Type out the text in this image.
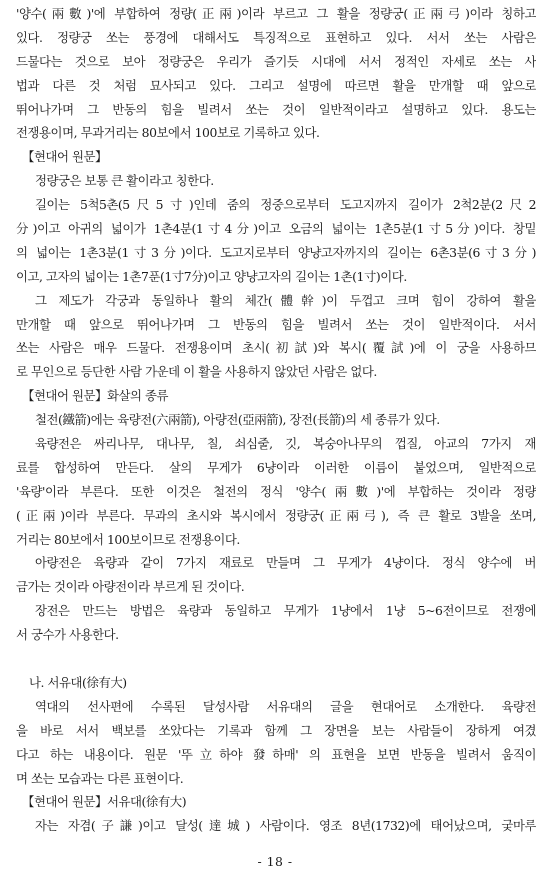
'양수(兩數)'에 부합하여 정량(正兩)이라 부르고 그 활을 정량궁(正兩弓)이라 칭하고
있다. 정량궁 쏘는 풍경에 대해서도 특징적으로 표현하고 있다. 서서 쏘는 사람은
드물다는 것으로 보아 정량궁은 우리가 즐기듯 시대에 서서 정적인 자세로 쏘는 사
법과 다른 것 처럼 묘사되고 있다. 그리고 설명에 따르면 활을 만개할 때 앞으로
뛰어나가며 그 반동의 힘을 빌려서 쏘는 것이 일반적이라고 설명하고 있다. 용도는
전쟁용이며, 무과거리는 80보에서 100보로 기록하고 있다.
【현대어 원문】
정량궁은 보통 큰 활이라고 칭한다.
길이는 5척5촌(5尺5寸)인데 줌의 정중으로부터 도고지까지 길이가 2척2분(2尺2
分)이고 아귀의 넓이가 1촌4분(1寸4分)이고 오금의 넓이는 1촌5분(1寸5分)이다. 창밑
의 넓이는 1촌3분(1寸3分)이다. 도고지로부터 양냥고자까지의 길이는 6촌3분(6寸3分)
이고, 고자의 넓이는 1촌7푼(1寸7分)이고 양냥고자의 길이는 1촌(1寸)이다.
그 제도가 각궁과 동일하나 활의 체간(體幹)이 두껍고 크며 힘이 강하여 활을
만개할 때 앞으로 뛰어나가며 그 반동의 힘을 빌려서 쏘는 것이 일반적이다. 서서
쏘는 사람은 매우 드물다. 전쟁용이며 초시(初試)와 복시(覆試)에 이 궁을 사용하므
로 무인으로 등단한 사람 가운데 이 활을 사용하지 않았던 사람은 없다.
【현대어 원문】화살의 종류
철전(鐵箭)에는 육량전(六兩箭), 아량전(亞兩箭), 장전(長箭)의 세 종류가 있다.
육량전은 싸리나무, 대나무, 칠, 쇠심줄, 깃, 복숭아나무의 껍질, 아교의 7가지 재
료를 합성하여 만든다. 살의 무게가 6냥이라 이러한 이름이 붙었으며, 일반적으로
'육량'이라 부른다. 또한 이것은 철전의 정식 '양수(兩數)'에 부합하는 것이라 정량
(正兩)이라 부른다. 무과의 초시와 복시에서 정량궁(正兩弓), 즉 큰 활로 3발을 쏘며,
거리는 80보에서 100보이므로 전쟁용이다.
아량전은 육량과 같이 7가지 재료로 만들며 그 무게가 4냥이다. 정식 양수에 버
금가는 것이라 아량전이라 부르게 된 것이다.
장전은 만드는 방법은 육량과 동일하고 무게가 1냥에서 1냥 5~6전이므로 전쟁에
서 궁수가 사용한다.
나. 서유대(徐有大)
역대의 선사편에 수록된 달성사람 서유대의 글을 현대어로 소개한다. 육량전
을 바로 서서 백보를 쏘았다는 기록과 함께 그 장면을 보는 사람들이 장하게 여겼
다고 하는 내용이다. 원문 '뚜立하야 發하매' 의 표현을 보면 반동을 빌려서 움직이
며 쏘는 모습과는 다른 표현이다.
【현대어 원문】서유대(徐有大)
자는 자겸(子謙)이고 달성(達城) 사람이다. 영조 8년(1732)에 태어났으며, 궂마루
- 18 -
